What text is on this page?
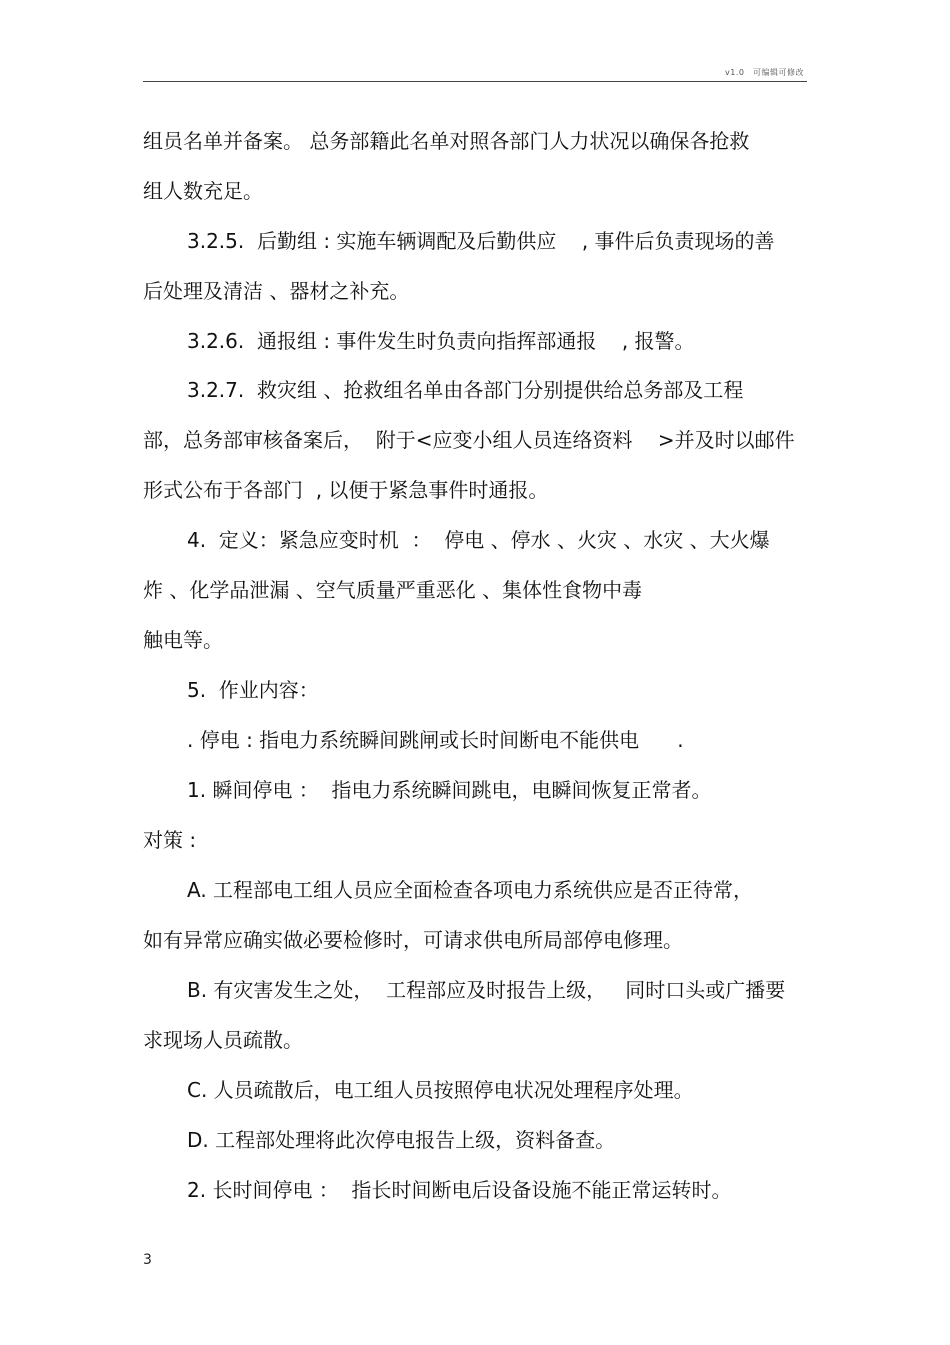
v1.0　可编辑可修改
组员名单并备案。 总务部籍此名单对照各部门人力状况以确保各抢救
组人数充足。
3.2.5.  后勤组 : 实施车辆调配及后勤供应    , 事件后负责现场的善
后处理及清洁 、器材之补充。
3.2.6.  通报组 : 事件发生时负责向指挥部通报    , 报警。
3.2.7.  救灾组 、抢救组名单由各部门分别提供给总务部及工程
部，总务部审核备案后，  附于<应变小组人员连络资料    >并及时以邮件
形式公布于各部门  , 以便于紧急事件时通报。
4.  定义：紧急应变时机  ：  停电 、停水 、火灾 、水灾 、大火爆
炸 、化学品泄漏 、空气质量严重恶化 、集体性食物中毒
触电等。
5.  作业内容：
. 停电 : 指电力系统瞬间跳闸或长时间断电不能供电      .
1. 瞬间停电 ：  指电力系统瞬间跳电，电瞬间恢复正常者。
对策 :
A. 工程部电工组人员应全面检查各项电力系统供应是否正待常，
如有异常应确实做必要检修时，可请求供电所局部停电修理。
B. 有灾害发生之处，  工程部应及时报告上级，   同时口头或广播要
求现场人员疏散。
C. 人员疏散后，电工组人员按照停电状况处理程序处理。
D. 工程部处理将此次停电报告上级，资料备查。
2. 长时间停电 ：  指长时间断电后设备设施不能正常运转时。
3
